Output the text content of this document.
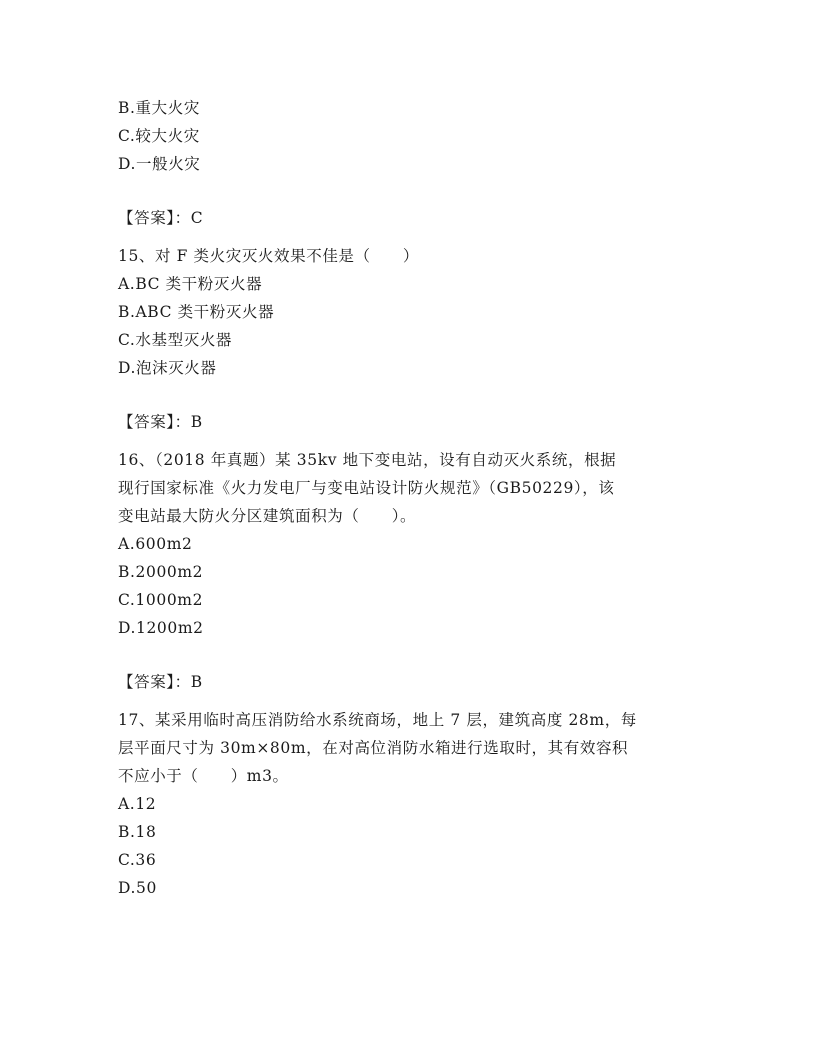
B.重大火灾
C.较大火灾
D.一般火灾
【答案】：C
15、对 F 类火灾灭火效果不佳是（　　）
A.BC 类干粉灭火器
B.ABC 类干粉灭火器
C.水基型灭火器
D.泡沫灭火器
【答案】：B
16、（2018 年真题）某 35kv 地下变电站，设有自动灭火系统，根据
现行国家标准《火力发电厂与变电站设计防火规范》（GB50229），该
变电站最大防火分区建筑面积为（　　）。
A.600m2
B.2000m2
C.1000m2
D.1200m2
【答案】：B
17、某采用临时高压消防给水系统商场，地上 7 层，建筑高度 28m，每
层平面尺寸为 30m×80m，在对高位消防水箱进行选取时，其有效容积
不应小于（　　）m3。
A.12
B.18
C.36
D.50
